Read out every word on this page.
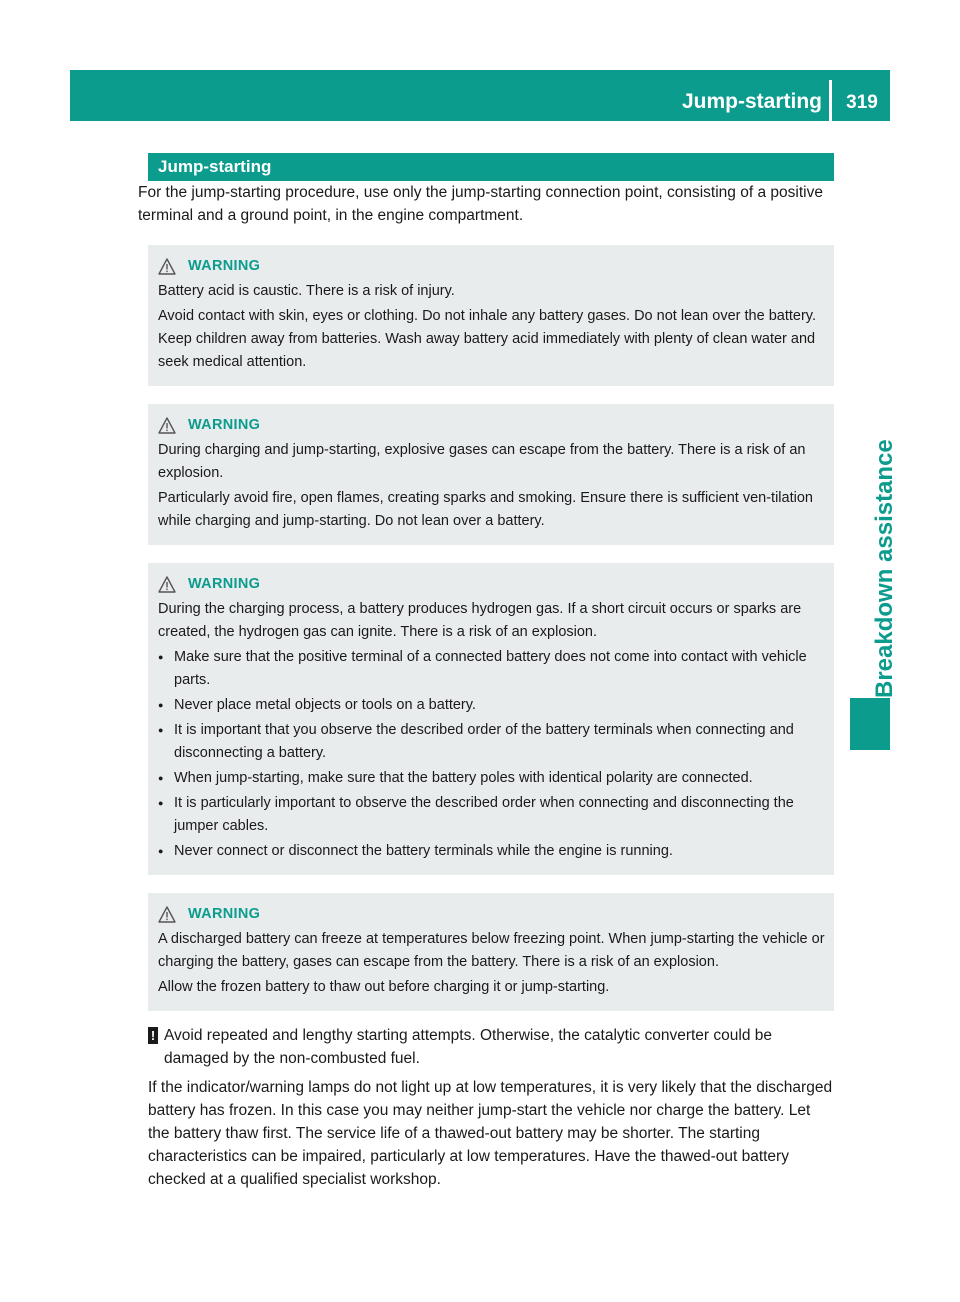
Jump-starting	319
Breakdown assistance
Jump-starting

For the jump-starting procedure, use only the jump-starting connection point, consisting of a positive terminal and a ground point, in the engine compartment.

WARNING

Battery acid is caustic. There is a risk of injury.

Avoid contact with skin, eyes or clothing. Do not inhale any battery gases. Do not lean over the battery. Keep children away from batteries. Wash away battery acid immediately with plenty of clean water and seek medical attention.

WARNING

During charging and jump-starting, explosive gases can escape from the battery. There is a risk of an explosion.

Particularly avoid fire, open flames, creating sparks and smoking. Ensure there is sufficient ven-tilation while charging and jump-starting. Do not lean over a battery.

WARNING

During the charging process, a battery produces hydrogen gas. If a short circuit occurs or sparks are created, the hydrogen gas can ignite. There is a risk of an explosion.

● Make sure that the positive terminal of a connected battery does not come into contact with vehicle parts.
● Never place metal objects or tools on a battery.
● It is important that you observe the described order of the battery terminals when connecting and disconnecting a battery.
● When jump-starting, make sure that the battery poles with identical polarity are connected.
● It is particularly important to observe the described order when connecting and disconnecting the jumper cables.
● Never connect or disconnect the battery terminals while the engine is running.
WARNING

A discharged battery can freeze at temperatures below freezing point. When jump-starting the vehicle or charging the battery, gases can escape from the battery. There is a risk of an explosion.

Allow the frozen battery to thaw out before charging it or jump-starting.

! Avoid repeated and lengthy starting attempts. Otherwise, the catalytic converter could be damaged by the non-combusted fuel.

If the indicator/warning lamps do not light up at low temperatures, it is very likely that the discharged battery has frozen. In this case you may neither jump-start the vehicle nor charge the battery. Let the battery thaw first. The service life of a thawed-out battery may be shorter. The starting characteristics can be impaired, particularly at low temperatures. Have the thawed-out battery checked at a qualified specialist workshop.
